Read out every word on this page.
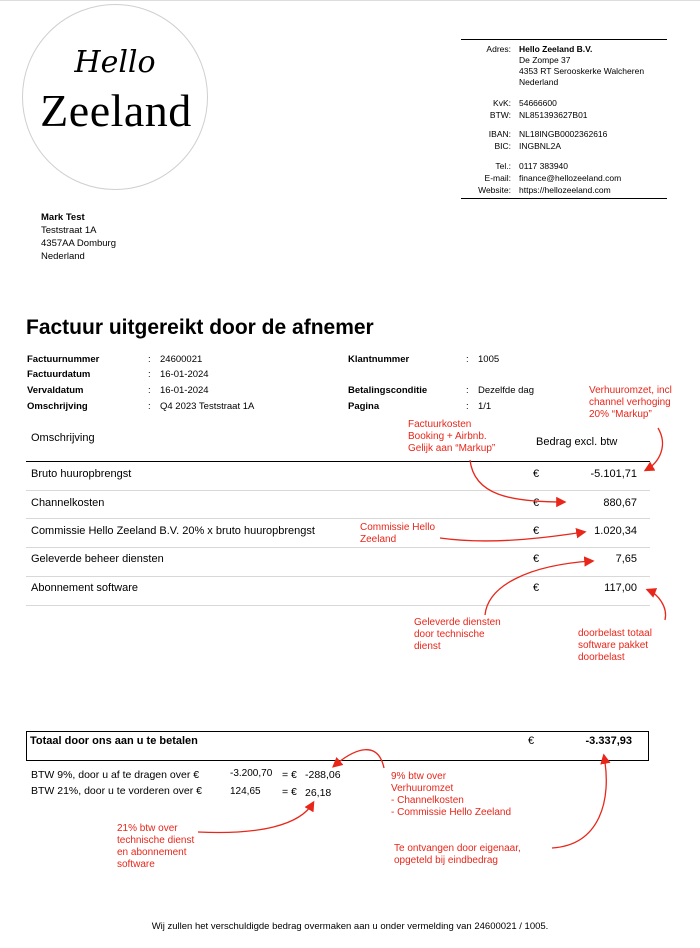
Hello
Zeeland
Adres: Hello Zeeland B.V.
De Zompe 37
4353 RT Serooskerke Walcheren
Nederland
KvK: 54666600
BTW: NL851393627B01
IBAN: NL18INGB0002362616
BIC: INGBNL2A
Tel.: 0117 383940
E-mail: finance@hellozeeland.com
Website: https://hellozeeland.com
Mark Test
Teststraat 1A
4357AA Domburg
Nederland
Factuur uitgereikt door de afnemer
Factuurnummer	: 24600021
Factuurdatum	: 16-01-2024
Vervaldatum	: 16-01-2024
Omschrijving	: Q4 2023 Teststraat 1A
Klantnummer	: 1005
Betalingsconditie	: Dezelfde dag
Pagina	: 1/1
Omschrijving	Bedrag excl. btw
Bruto huuropbrengst	€	-5.101,71
Channelkosten	€	880,67
Commissie Hello Zeeland B.V. 20% x bruto huuropbrengst	€	1.020,34
Geleverde beheer diensten	€	7,65
Abonnement software	€	117,00
Totaal door ons aan u te betalen	€	-3.337,93
BTW 9%, door u af te dragen over €	-3.200,70 = € -288,06
BTW 21%, door u te vorderen over €	124,65 = € 26,18
Verhuuromzet, incl
channel verhoging
20% “Markup”
Factuurkosten
Booking + Airbnb.
Gelijk aan “Markup”
Commissie Hello
Zeeland
Geleverde diensten
door technische
dienst
doorbelast totaal
software pakket
doorbelast
9% btw over
Verhuuromzet
- Channelkosten
- Commissie Hello Zeeland
Te ontvangen door eigenaar,
opgeteld bij eindbedrag
21% btw over
technische dienst
en abonnement
software
Wij zullen het verschuldigde bedrag overmaken aan u onder vermelding van 24600021 / 1005.
